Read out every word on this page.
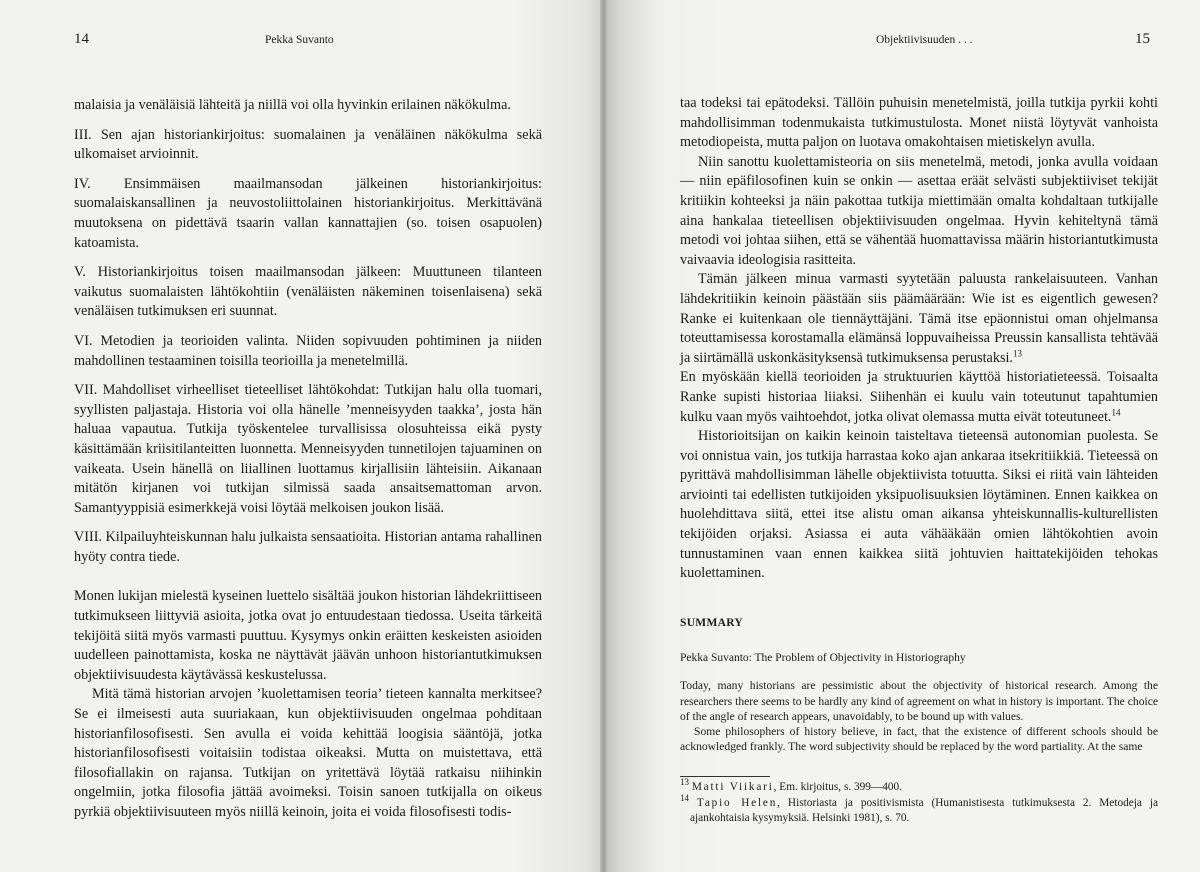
14	Pekka Suvanto

malaisia ja venäläisiä lähteitä ja niillä voi olla hyvinkin erilainen näkökulma.

III. Sen ajan historiankirjoitus: suomalainen ja venäläinen näkökulma sekä ulkomaiset arvioinnit.

IV. Ensimmäisen maailmansodan jälkeinen historiankirjoitus: suomalaiskansallinen ja neuvostoliittolainen historiankirjoitus. Merkittävänä muutoksena on pidettävä tsaarin vallan kannattajien (so. toisen osapuolen) katoamista.

V. Historiankirjoitus toisen maailmansodan jälkeen: Muuttuneen tilanteen vaikutus suomalaisten lähtökohtiin (venäläisten näkeminen toisenlaisena) sekä venäläisen tutkimuksen eri suunnat.

VI. Metodien ja teorioiden valinta. Niiden sopivuuden pohtiminen ja niiden mahdollinen testaaminen toisilla teorioilla ja menetelmillä.

VII. Mahdolliset virheelliset tieteelliset lähtökohdat: Tutkijan halu olla tuomari, syyllisten paljastaja. Historia voi olla hänelle ’menneisyyden taakka’, josta hän haluaa vapautua. Tutkija työskentelee turvallisissa olosuhteissa eikä pysty käsittämään kriisitilanteitten luonnetta. Menneisyyden tunnetilojen tajuaminen on vaikeata. Usein hänellä on liiallinen luottamus kirjallisiin lähteisiin. Aikanaan mitätön kirjanen voi tutkijan silmissä saada ansaitsemattoman arvon. Samantyyppisiä esimerkkejä voisi löytää melkoisen joukon lisää.

VIII. Kilpailuyhteiskunnan halu julkaista sensaatioita. Historian antama rahallinen hyöty contra tiede.

Monen lukijan mielestä kyseinen luettelo sisältää joukon historian lähdekriittiseen tutkimukseen liittyviä asioita, jotka ovat jo entuudestaan tiedossa. Useita tärkeitä tekijöitä siitä myös varmasti puuttuu. Kysymys onkin eräitten keskeisten asioiden uudelleen painottamista, koska ne näyttävät jäävän unhoon historiantutkimuksen objektiivisuudesta käytävässä keskustelussa.

Mitä tämä historian arvojen ’kuolettamisen teoria’ tieteen kannalta merkitsee? Se ei ilmeisesti auta suuriakaan, kun objektiivisuuden ongelmaa pohditaan historianfilosofisesti. Sen avulla ei voida kehittää loogisia sääntöjä, jotka historianfilosofisesti voitaisiin todistaa oikeaksi. Mutta on muistettava, että filosofiallakin on rajansa. Tutkijan on yritettävä löytää ratkaisu niihinkin ongelmiin, jotka filosofia jättää avoimeksi. Toisin sanoen tutkijalla on oikeus pyrkiä objektiivisuuteen myös niillä keinoin, joita ei voida filosofisesti todis-

Objektiivisuuden . . .	15

taa todeksi tai epätodeksi. Tällöin puhuisin menetelmistä, joilla tutkija pyrkii kohti mahdollisimman todenmukaista tutkimustulosta. Monet niistä löytyvät vanhoista metodiopeista, mutta paljon on luotava omakohtaisen mietiskelyn avulla.

Niin sanottu kuolettamisteoria on siis menetelmä, metodi, jonka avulla voidaan — niin epäfilosofinen kuin se onkin — asettaa eräät selvästi subjektiiviset tekijät kritiikin kohteeksi ja näin pakottaa tutkija miettimään omalta kohdaltaan tutkijalle aina hankalaa tieteellisen objektiivisuuden ongelmaa. Hyvin kehiteltynä tämä metodi voi johtaa siihen, että se vähentää huomattavissa määrin historiantutkimusta vaivaavia ideologisia rasitteita.

Tämän jälkeen minua varmasti syytetään paluusta rankelaisuuteen. Vanhan lähdekritiikin keinoin päästään siis päämäärään: Wie ist es eigentlich gewesen? Ranke ei kuitenkaan ole tiennäyttäjäni. Tämä itse epäonnistui oman ohjelmansa toteuttamisessa korostamalla elämänsä loppuvaiheissa Preussin kansallista tehtävää ja siirtämällä uskonkäsityksensä tutkimuksensa perustaksi.$^{13}$

En myöskään kiellä teorioiden ja struktuurien käyttöä historiatieteessä. Toisaalta Ranke supisti historiaa liiaksi. Siihenhän ei kuulu vain toteutunut tapahtumien kulku vaan myös vaihtoehdot, jotka olivat olemassa mutta eivät toteutuneet.$^{14}$

Historioitsijan on kaikin keinoin taisteltava tieteensä autonomian puolesta. Se voi onnistua vain, jos tutkija harrastaa koko ajan ankaraa itsekritiikkiä. Tieteessä on pyrittävä mahdollisimman lähelle objektiivista totuutta. Siksi ei riitä vain lähteiden arviointi tai edellisten tutkijoiden yksipuolisuuksien löytäminen. Ennen kaikkea on huolehdittava siitä, ettei itse alistu oman aikansa yhteiskunnallis-kulturellisten tekijöiden orjaksi. Asiassa ei auta vähääkään omien lähtökohtien avoin tunnustaminen vaan ennen kaikkea siitä johtuvien haittatekijöiden tehokas kuolettaminen.

SUMMARY
Pekka Suvanto: The Problem of Objectivity in Historiography

Today, many historians are pessimistic about the objectivity of historical research. Among the researchers there seems to be hardly any kind of agreement on what in history is important. The choice of the angle of research appears, unavoidably, to be bound up with values.

Some philosophers of history believe, in fact, that the existence of different schools should be acknowledged frankly. The word subjectivity should be replaced by the word partiality. At the same

$^{13}$ Matti Viikari, Em. kirjoitus, s. 399—400.

$^{14}$ Tapio Helen, Historiasta ja positivismista (Humanistisesta tutkimuksesta 2. Metodeja ja ajankohtaisia kysymyksiä. Helsinki 1981), s. 70.
